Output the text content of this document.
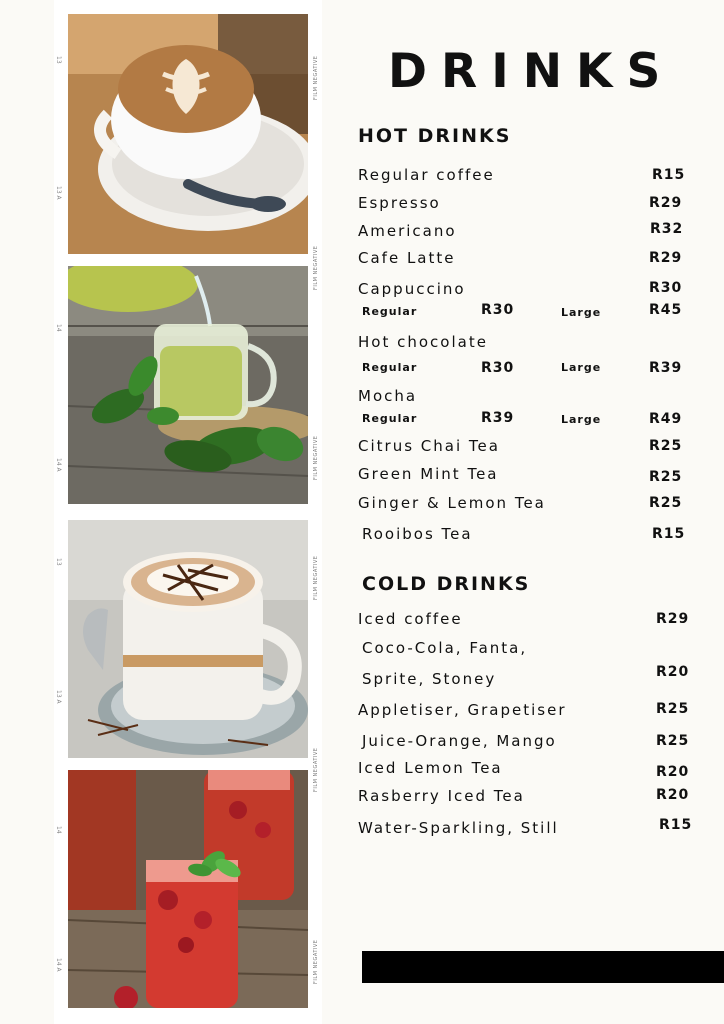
FILM NEGATIVE
FILM NEGATIVE
FILM NEGATIVE
FILM NEGATIVE
FILM NEGATIVE
FILM NEGATIVE
13
13 A
14
14 A
13
13 A
14
14 A
DRINKS
HOT DRINKS
Regular coffee	R15
Espresso	R29
Americano	R32
Cafe Latte	R29
Cappuccino	R30
Regular	R30	Large	R45
Hot chocolate
Regular	R30	Large	R39
Mocha
Regular	R39	Large	R49
Citrus Chai Tea	R25
Green Mint Tea	R25
Ginger & Lemon Tea	R25
Rooibos Tea	R15
COLD DRINKS
Iced coffee	R29
Coco-Cola, Fanta,
Sprite, Stoney	R20
Appletiser, Grapetiser	R25
Juice-Orange, Mango	R25
Iced Lemon Tea	R20
Rasberry Iced Tea	R20
Water-Sparkling, Still	R15
